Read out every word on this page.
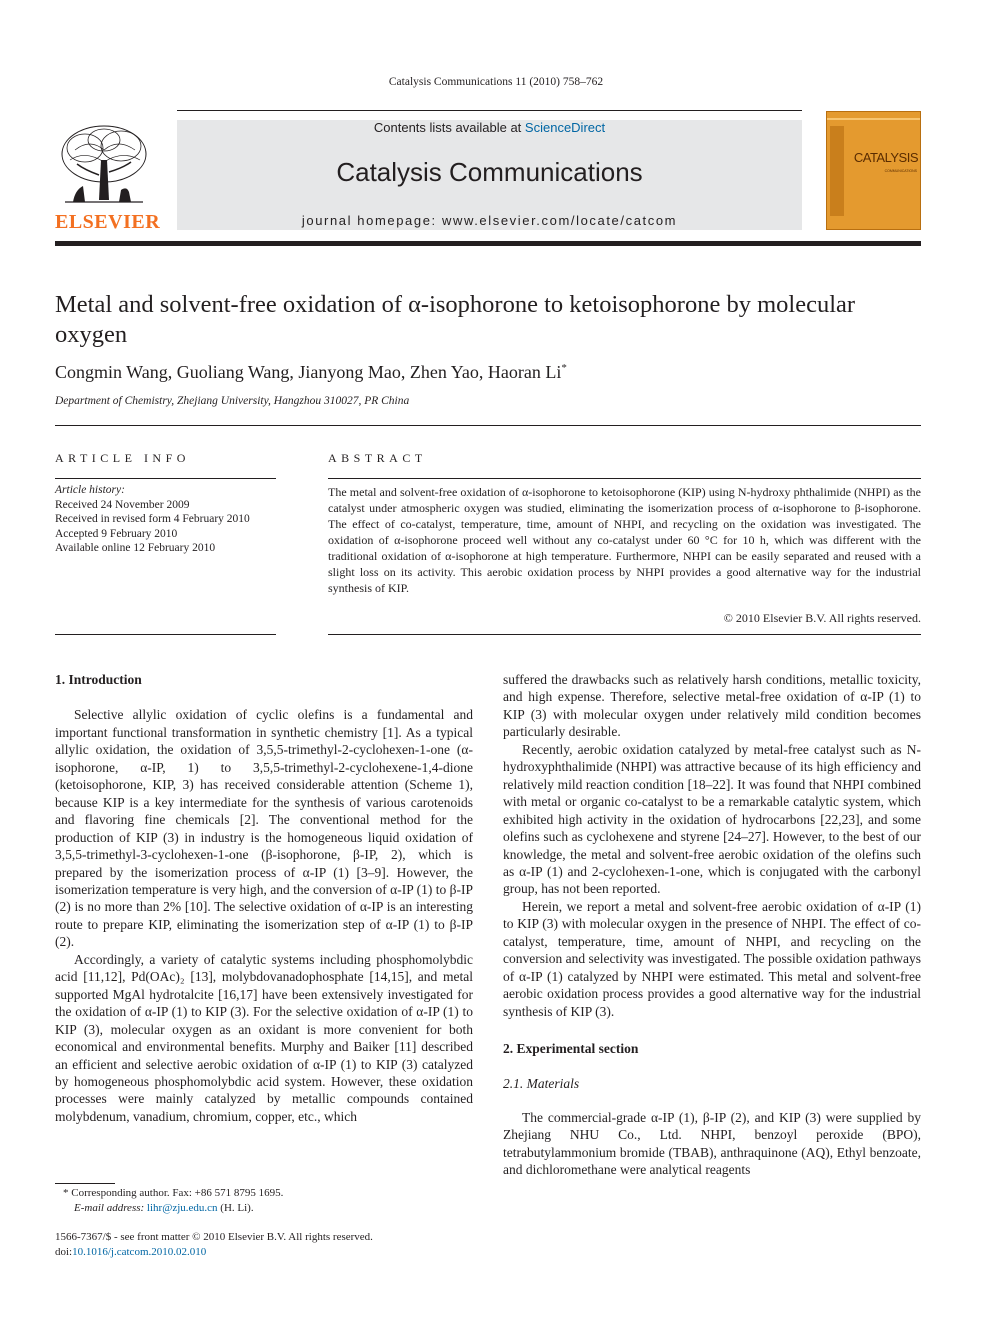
Catalysis Communications 11 (2010) 758–762
ELSEVIER
Contents lists available at ScienceDirect
Catalysis Communications
journal homepage: www.elsevier.com/locate/catcom
CATALYSIS
COMMUNICATIONS
Metal and solvent-free oxidation of α-isophorone to ketoisophorone by molecular oxygen
Congmin Wang, Guoliang Wang, Jianyong Mao, Zhen Yao, Haoran Li*
Department of Chemistry, Zhejiang University, Hangzhou 310027, PR China
ARTICLE INFO	ABSTRACT
Article history:
Received 24 November 2009
Received in revised form 4 February 2010
Accepted 9 February 2010
Available online 12 February 2010
The metal and solvent-free oxidation of α-isophorone to ketoisophorone (KIP) using N-hydroxy phthalimide (NHPI) as the catalyst under atmospheric oxygen was studied, eliminating the isomerization process of α-isophorone to β-isophorone. The effect of co-catalyst, temperature, time, amount of NHPI, and recycling on the oxidation was investigated. The oxidation of α-isophorone proceed well without any co-catalyst under 60 °C for 10 h, which was different with the traditional oxidation of α-isophorone at high temperature. Furthermore, NHPI can be easily separated and reused with a slight loss on its activity. This aerobic oxidation process by NHPI provides a good alternative way for the industrial synthesis of KIP.
© 2010 Elsevier B.V. All rights reserved.

1. Introduction

Selective allylic oxidation of cyclic olefins is a fundamental and important functional transformation in synthetic chemistry [1]. As a typical allylic oxidation, the oxidation of 3,5,5-trimethyl-2-cyclohexen-1-one (α-isophorone, α-IP, 1) to 3,5,5-trimethyl-2-cyclohexene-1,4-dione (ketoisophorone, KIP, 3) has received considerable attention (Scheme 1), because KIP is a key intermediate for the synthesis of various carotenoids and flavoring fine chemicals [2]. The conventional method for the production of KIP (3) in industry is the homogeneous liquid oxidation of 3,5,5-trimethyl-3-cyclohexen-1-one (β-isophorone, β-IP, 2), which is prepared by the isomerization process of α-IP (1) [3–9]. However, the isomerization temperature is very high, and the conversion of α-IP (1) to β-IP (2) is no more than 2% [10]. The selective oxidation of α-IP is an interesting route to prepare KIP, eliminating the isomerization step of α-IP (1) to β-IP (2).

Accordingly, a variety of catalytic systems including phosphomolybdic acid [11,12], Pd(OAc)₂ [13], molybdovanadophosphate [14,15], and metal supported MgAl hydrotalcite [16,17] have been extensively investigated for the oxidation of α-IP (1) to KIP (3). For the selective oxidation of α-IP (1) to KIP (3), molecular oxygen as an oxidant is more convenient for both economical and environmental benefits. Murphy and Baiker [11] described an efficient and selective aerobic oxidation of α-IP (1) to KIP (3) catalyzed by homogeneous phosphomolybdic acid system. However, these oxidation processes were mainly catalyzed by metallic compounds contained molybdenum, vanadium, chromium, copper, etc., which

suffered the drawbacks such as relatively harsh conditions, metallic toxicity, and high expense. Therefore, selective metal-free oxidation of α-IP (1) to KIP (3) with molecular oxygen under relatively mild condition becomes particularly desirable.

Recently, aerobic oxidation catalyzed by metal-free catalyst such as N-hydroxyphthalimide (NHPI) was attractive because of its high efficiency and relatively mild reaction condition [18–22]. It was found that NHPI combined with metal or organic co-catalyst to be a remarkable catalytic system, which exhibited high activity in the oxidation of hydrocarbons [22,23], and some olefins such as cyclohexene and styrene [24–27]. However, to the best of our knowledge, the metal and solvent-free aerobic oxidation of the olefins such as α-IP (1) and 2-cyclohexen-1-one, which is conjugated with the carbonyl group, has not been reported.

Herein, we report a metal and solvent-free aerobic oxidation of α-IP (1) to KIP (3) with molecular oxygen in the presence of NHPI. The effect of co-catalyst, temperature, time, amount of NHPI, and recycling on the conversion and selectivity was investigated. The possible oxidation pathways of α-IP (1) catalyzed by NHPI were estimated. This metal and solvent-free aerobic oxidation process provides a good alternative way for the industrial synthesis of KIP (3).

2. Experimental section

2.1. Materials

The commercial-grade α-IP (1), β-IP (2), and KIP (3) were supplied by Zhejiang NHU Co., Ltd. NHPI, benzoyl peroxide (BPO), tetrabutylammonium bromide (TBAB), anthraquinone (AQ), Ethyl benzoate, and dichloromethane were analytical reagents

* Corresponding author. Fax: +86 571 8795 1695.
E-mail address: lihr@zju.edu.cn (H. Li).
1566-7367/$ - see front matter © 2010 Elsevier B.V. All rights reserved.
doi:10.1016/j.catcom.2010.02.010
